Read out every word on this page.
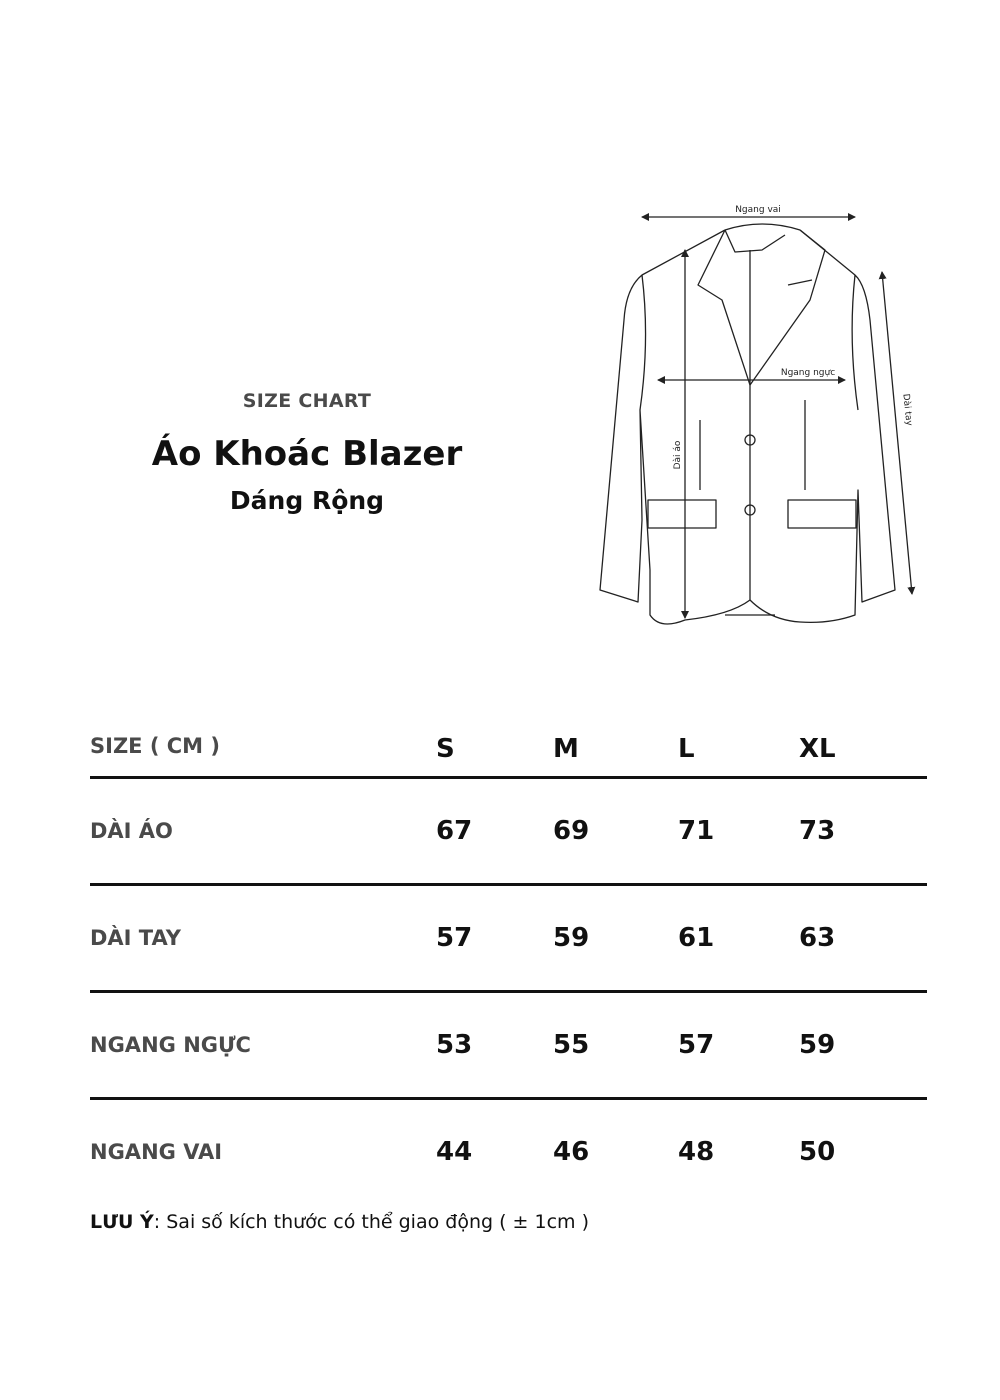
SIZE CHART
Áo Khoác Blazer
Dáng Rộng
Ngang vai
Ngang ngực
Dài áo
Dài tay
SIZE ( CM )	S	M	L	XL
DÀI ÁO	67	69	71	73
DÀI TAY	57	59	61	63
NGANG NGỰC	53	55	57	59
NGANG VAI	44	46	48	50
LƯU Ý: Sai số kích thước có thể giao động ( ± 1cm )
